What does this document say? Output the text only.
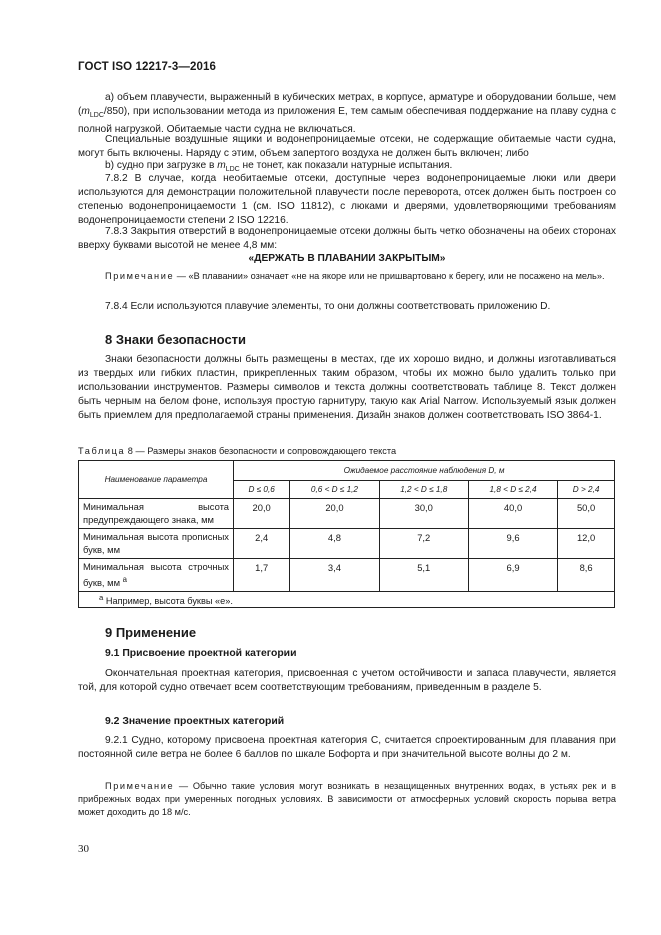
ГОСТ ISO 12217-3—2016
а) объем плавучести, выраженный в кубических метрах, в корпусе, арматуре и оборудовании больше, чем $(m_{LDC}/850)$, при использовании метода из приложения Е, тем самым обеспечивая поддержание на плаву судна с полной нагрузкой. Обитаемые части судна не включаться.
Специальные воздушные ящики и водонепроницаемые отсеки, не содержащие обитаемые части судна, могут быть включены. Наряду с этим, объем запертого воздуха не должен быть включен; либо
b) судно при загрузке в $m_{LDC}$ не тонет, как показали натурные испытания.
7.8.2 В случае, когда необитаемые отсеки, доступные через водонепроницаемые люки или двери используются для демонстрации положительной плавучести после переворота, отсек должен быть построен со степенью водонепроницаемости 1 (см. ISO 11812), с люками и дверями, удовлетворяющими требованиям водонепроницаемости степени 2 ISO 12216.
7.8.3 Закрытия отверстий в водонепроницаемые отсеки должны быть четко обозначены на обеих сторонах вверху буквами высотой не менее 4,8 мм:
«ДЕРЖАТЬ В ПЛАВАНИИ ЗАКРЫТЫМ»
Примечание — «В плавании» означает «не на якоре или не пришвартовано к берегу, или не посажено на мель».
7.8.4 Если используются плавучие элементы, то они должны соответствовать приложению D.
8 Знаки безопасности
Знаки безопасности должны быть размещены в местах, где их хорошо видно, и должны изготавливаться из твердых или гибких пластин, прикрепленных таким образом, чтобы их можно было удалить только при использовании инструментов. Размеры символов и текста должны соответствовать таблице 8. Текст должен быть черным на белом фоне, используя простую гарнитуру, такую как Arial Narrow. Используемый язык должен быть приемлем для предполагаемой страны применения. Дизайн знаков должен соответствовать ISO 3864-1.
Таблица 8 — Размеры знаков безопасности и сопровождающего текста
Наименование параметра	Ожидаемое расстояние наблюдения D, м				
	D ≤ 0,6	0,6 < D ≤ 1,2	1,2 < D ≤ 1,8	1,8 < D ≤ 2,4	D > 2,4
Минимальная высота предупреждающего знака, мм	20,0	20,0	30,0	40,0	50,0
Минимальная высота прописных букв, мм	2,4	4,8	7,2	9,6	12,0
Минимальная высота строчных букв, мм $^a$	1,7	3,4	5,1	6,9	8,6
$^a$ Например, высота буквы «е».					
9 Применение
9.1 Присвоение проектной категории
Окончательная проектная категория, присвоенная с учетом остойчивости и запаса плавучести, является той, для которой судно отвечает всем соответствующим требованиям, приведенным в разделе 5.
9.2 Значение проектных категорий
9.2.1 Судно, которому присвоена проектная категория С, считается спроектированным для плавания при постоянной силе ветра не более 6 баллов по шкале Бофорта и при значительной высоте волны до 2 м.
Примечание — Обычно такие условия могут возникать в незащищенных внутренних водах, в устьях рек и в прибрежных водах при умеренных погодных условиях. В зависимости от атмосферных условий скорость порыва ветра может доходить до 18 м/с.
30
